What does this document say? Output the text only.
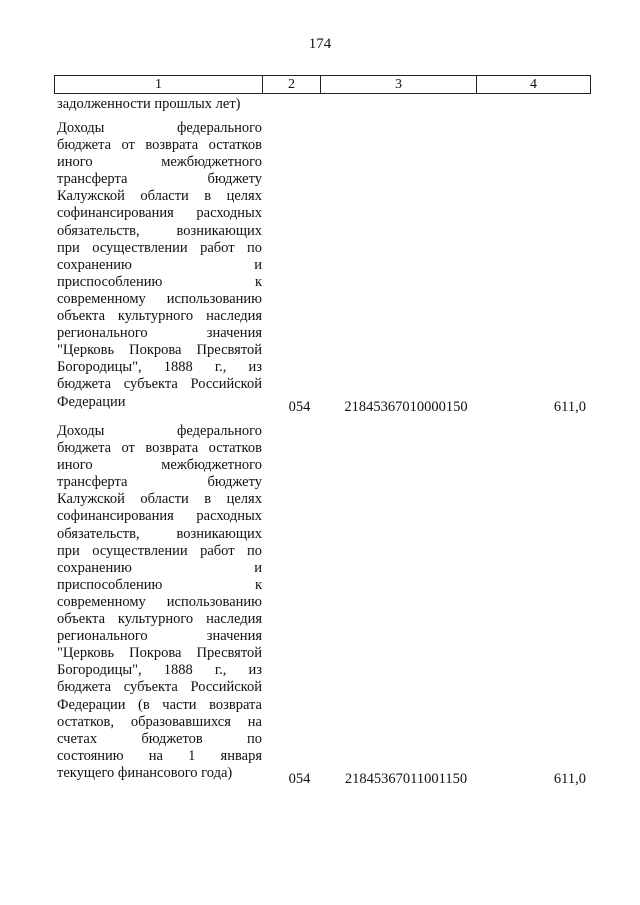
174
1	2	3	4
задолженности прошлых лет)
Доходы	федерального
бюджета от возврата остатков
иного	межбюджетного
трансферта	бюджету
Калужской области в целях
софинансирования расходных
обязательств,	возникающих
при осуществлении работ по
сохранению	и
приспособлению	к
современному использованию
объекта культурного наследия
регионального	значения
"Церковь Покрова Пресвятой
Богородицы", 1888 г., из
бюджета субъекта Российской
Федерации	054	21845367010000150	611,0
Доходы	федерального
бюджета от возврата остатков
иного	межбюджетного
трансферта	бюджету
Калужской области в целях
софинансирования расходных
обязательств,	возникающих
при осуществлении работ по
сохранению	и
приспособлению	к
современному использованию
объекта культурного наследия
регионального	значения
"Церковь Покрова Пресвятой
Богородицы", 1888 г., из
бюджета субъекта Российской
Федерации (в части возврата
остатков, образовавшихся на
счетах	бюджетов	по
состоянию на 1 января
текущего финансового года)	054	21845367011001150	611,0
